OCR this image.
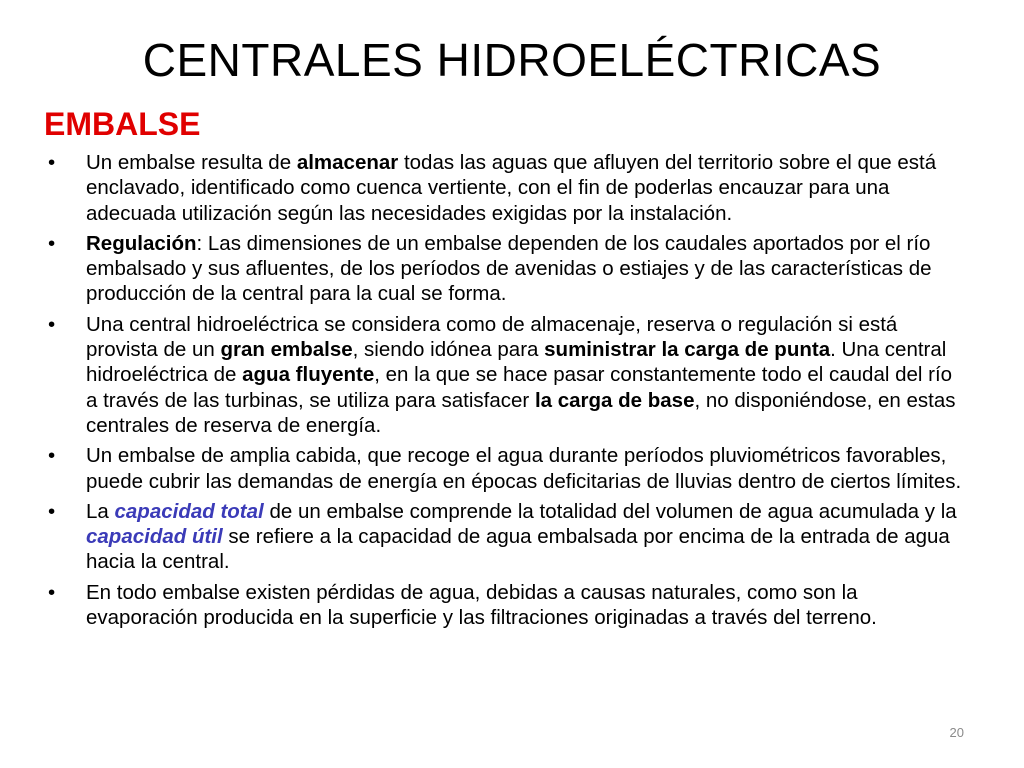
CENTRALES HIDROELÉCTRICAS
EMBALSE
•	Un embalse resulta de almacenar todas las aguas que afluyen del territorio sobre el que está enclavado, identificado como cuenca vertiente, con el fin de poderlas encauzar para una adecuada utilización según las necesidades exigidas por la instalación.
•	Regulación: Las dimensiones de un embalse dependen de los caudales aportados por el río embalsado y sus afluentes, de los períodos de avenidas o estiajes y de las características de producción de la central para la cual se forma.
•	Una central hidroeléctrica se considera como de almacenaje, reserva o regulación si está provista de un gran embalse, siendo idónea para suministrar la carga de punta. Una central hidroeléctrica de agua fluyente, en la que se hace pasar constantemente todo el caudal del río a través de las turbinas, se utiliza para satisfacer la carga de base, no disponiéndose, en estas centrales de reserva de energía.
•	Un embalse de amplia cabida, que recoge el agua durante períodos pluviométricos favorables, puede cubrir las demandas de energía en épocas deficitarias de lluvias dentro de ciertos límites.
•	La capacidad total de un embalse comprende la totalidad del volumen de agua acumulada y la capacidad útil se refiere a la capacidad de agua embalsada por encima de la entrada de agua hacia la central.
•	En todo embalse existen pérdidas de agua, debidas a causas naturales, como son la evaporación producida en la superficie y las filtraciones originadas a través del terreno.
20
